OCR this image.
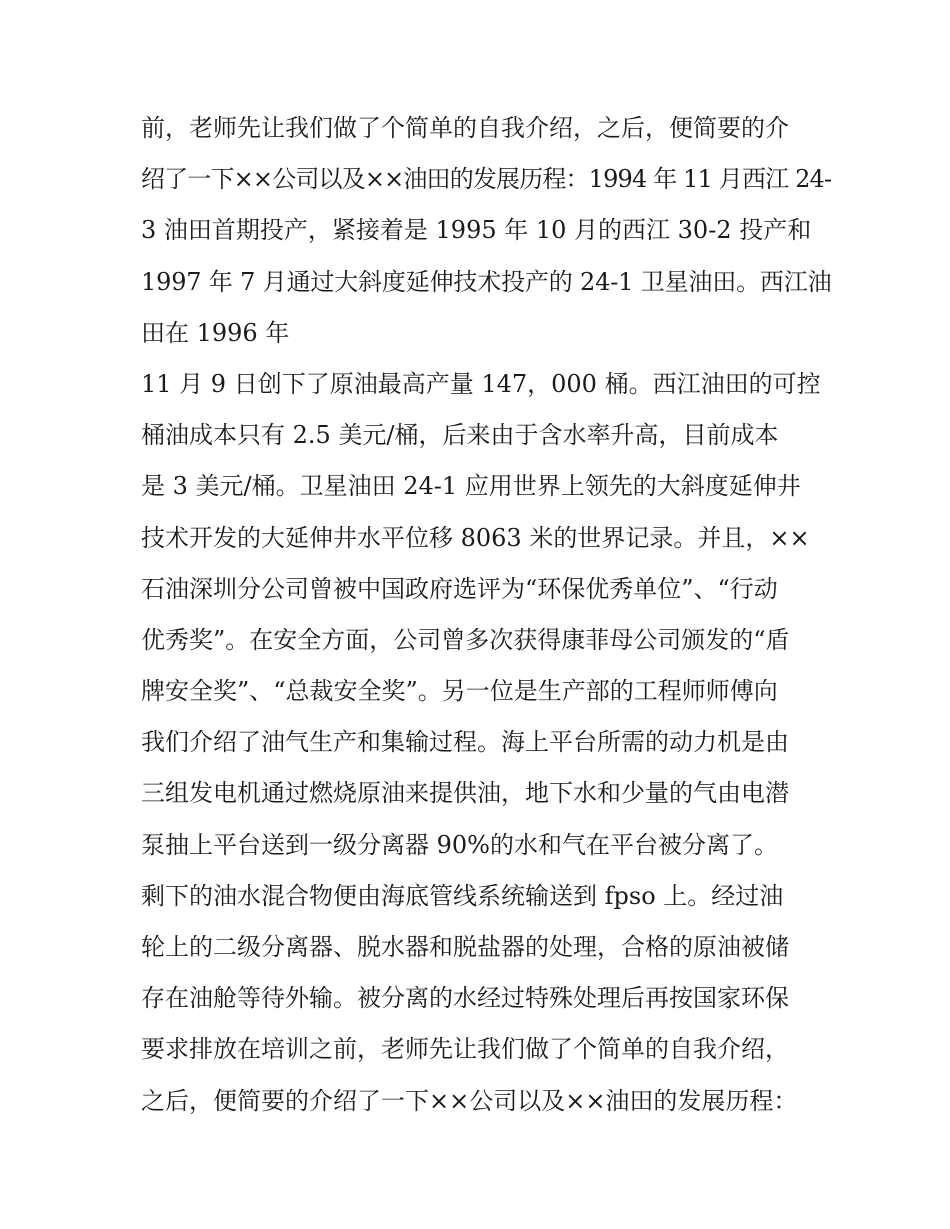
前，老师先让我们做了个简单的自我介绍，之后，便简要的介
绍了一下××公司以及××油田的发展历程：1994 年 11 月西江 24-
3 油田首期投产，紧接着是 1995 年 10 月的西江 30-2 投产和
1997 年 7 月通过大斜度延伸技术投产的 24-1 卫星油田。西江油
田在 1996 年
11 月 9 日创下了原油最高产量 147，000 桶。西江油田的可控
桶油成本只有 2.5 美元/桶，后来由于含水率升高，目前成本
是 3 美元/桶。卫星油田 24-1 应用世界上领先的大斜度延伸井
技术开发的大延伸井水平位移 8063 米的世界记录。并且，××
石油深圳分公司曾被中国政府选评为“环保优秀单位”、“行动
优秀奖”。在安全方面，公司曾多次获得康菲母公司颁发的“盾
牌安全奖”、“总裁安全奖”。另一位是生产部的工程师师傅向
我们介绍了油气生产和集输过程。海上平台所需的动力机是由
三组发电机通过燃烧原油来提供油，地下水和少量的气由电潜
泵抽上平台送到一级分离器 90%的水和气在平台被分离了。
剩下的油水混合物便由海底管线系统输送到 fpso 上。经过油
轮上的二级分离器、脱水器和脱盐器的处理，合格的原油被储
存在油舱等待外输。被分离的水经过特殊处理后再按国家环保
要求排放在培训之前，老师先让我们做了个简单的自我介绍，
之后，便简要的介绍了一下××公司以及××油田的发展历程：
